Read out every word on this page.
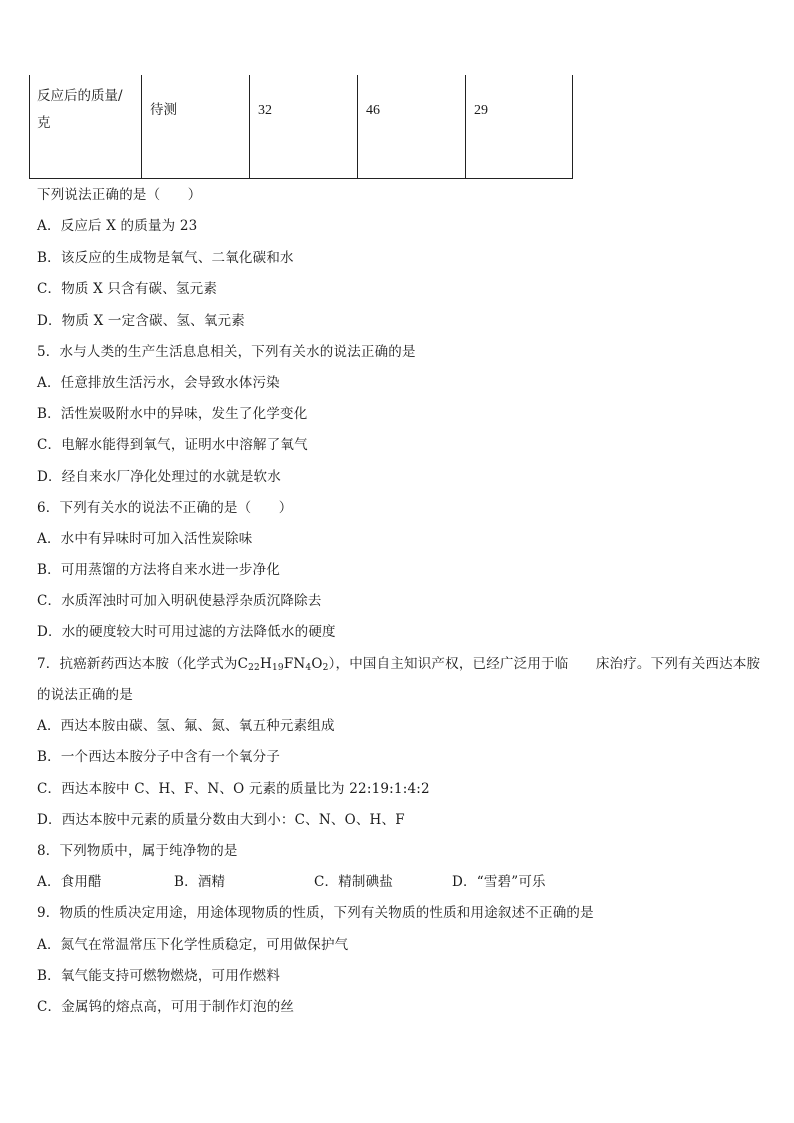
反应后的质量/
克
待测	32	46	29
下列说法正确的是（　　）
A．反应后 X 的质量为 23
B．该反应的生成物是氧气、二氧化碳和水
C．物质 X 只含有碳、氢元素
D．物质 X 一定含碳、氢、氧元素
5．水与人类的生产生活息息相关，下列有关水的说法正确的是
A．任意排放生活污水，会导致水体污染
B．活性炭吸附水中的异味，发生了化学变化
C．电解水能得到氧气，证明水中溶解了氧气
D．经自来水厂净化处理过的水就是软水
6．下列有关水的说法不正确的是（　　）
A．水中有异味时可加入活性炭除味
B．可用蒸馏的方法将自来水进一步净化
C．水质浑浊时可加入明矾使悬浮杂质沉降除去
D．水的硬度较大时可用过滤的方法降低水的硬度
7．抗癌新药西达本胺（化学式为$C_{22}H_{19}FN_4O_2$），中国自主知识产权，已经广泛用于临　　床治疗。下列有关西达本胺
的说法正确的是
A．西达本胺由碳、氢、氟、氮、氧五种元素组成
B．一个西达本胺分子中含有一个氧分子
C．西达本胺中 C、H、F、N、O 元素的质量比为 22:19:1:4:2
D．西达本胺中元素的质量分数由大到小：C、N、O、H、F
8．下列物质中，属于纯净物的是
A．食用醋	B．酒精	C．精制碘盐	D．“雪碧”可乐
9．物质的性质决定用途，用途体现物质的性质，下列有关物质的性质和用途叙述不正确的是
A．氮气在常温常压下化学性质稳定，可用做保护气
B．氧气能支持可燃物燃烧，可用作燃料
C．金属钨的熔点高，可用于制作灯泡的丝
